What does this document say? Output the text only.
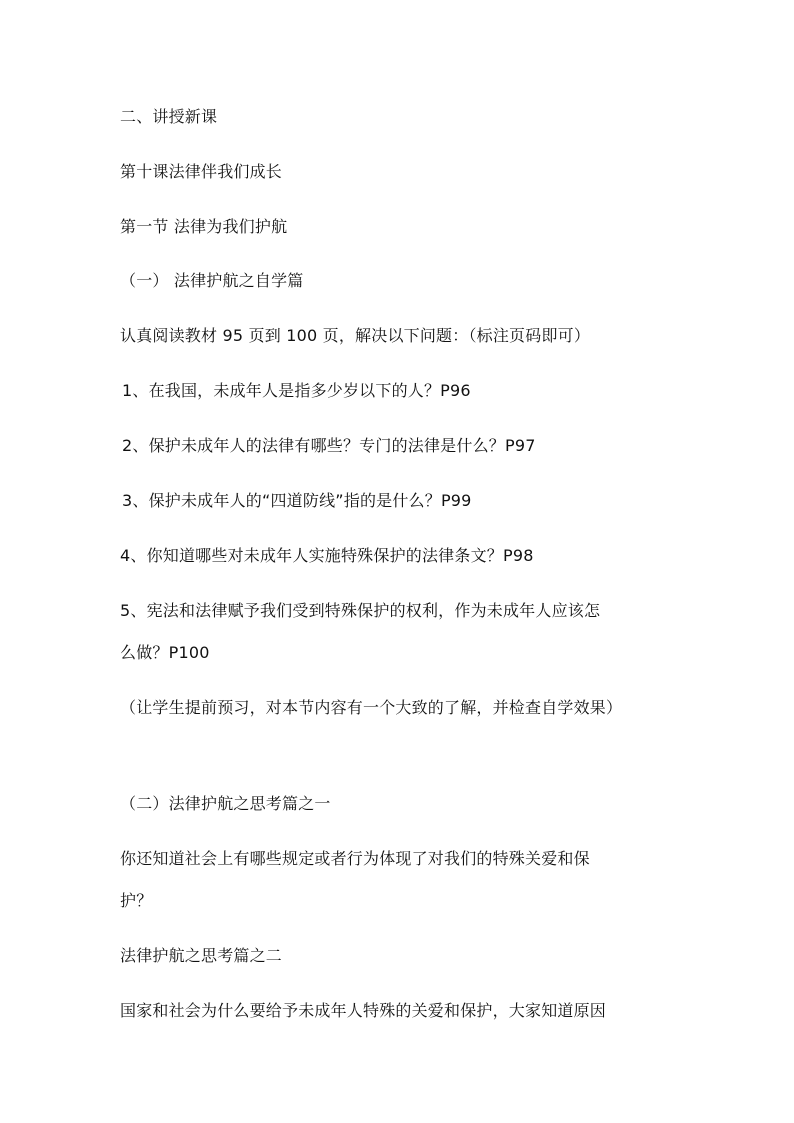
二、讲授新课
第十课法律伴我们成长
第一节 法律为我们护航
（一） 法律护航之自学篇
认真阅读教材 95 页到 100 页，解决以下问题：（标注页码即可）
1、在我国，未成年人是指多少岁以下的人？P96
2、保护未成年人的法律有哪些？专门的法律是什么？P97
3、保护未成年人的“四道防线”指的是什么？P99
4、你知道哪些对未成年人实施特殊保护的法律条文？P98
5、宪法和法律赋予我们受到特殊保护的权利，作为未成年人应该怎
么做？P100
（让学生提前预习，对本节内容有一个大致的了解，并检查自学效果）
（二）法律护航之思考篇之一
你还知道社会上有哪些规定或者行为体现了对我们的特殊关爱和保
护？
法律护航之思考篇之二
国家和社会为什么要给予未成年人特殊的关爱和保护，大家知道原因
